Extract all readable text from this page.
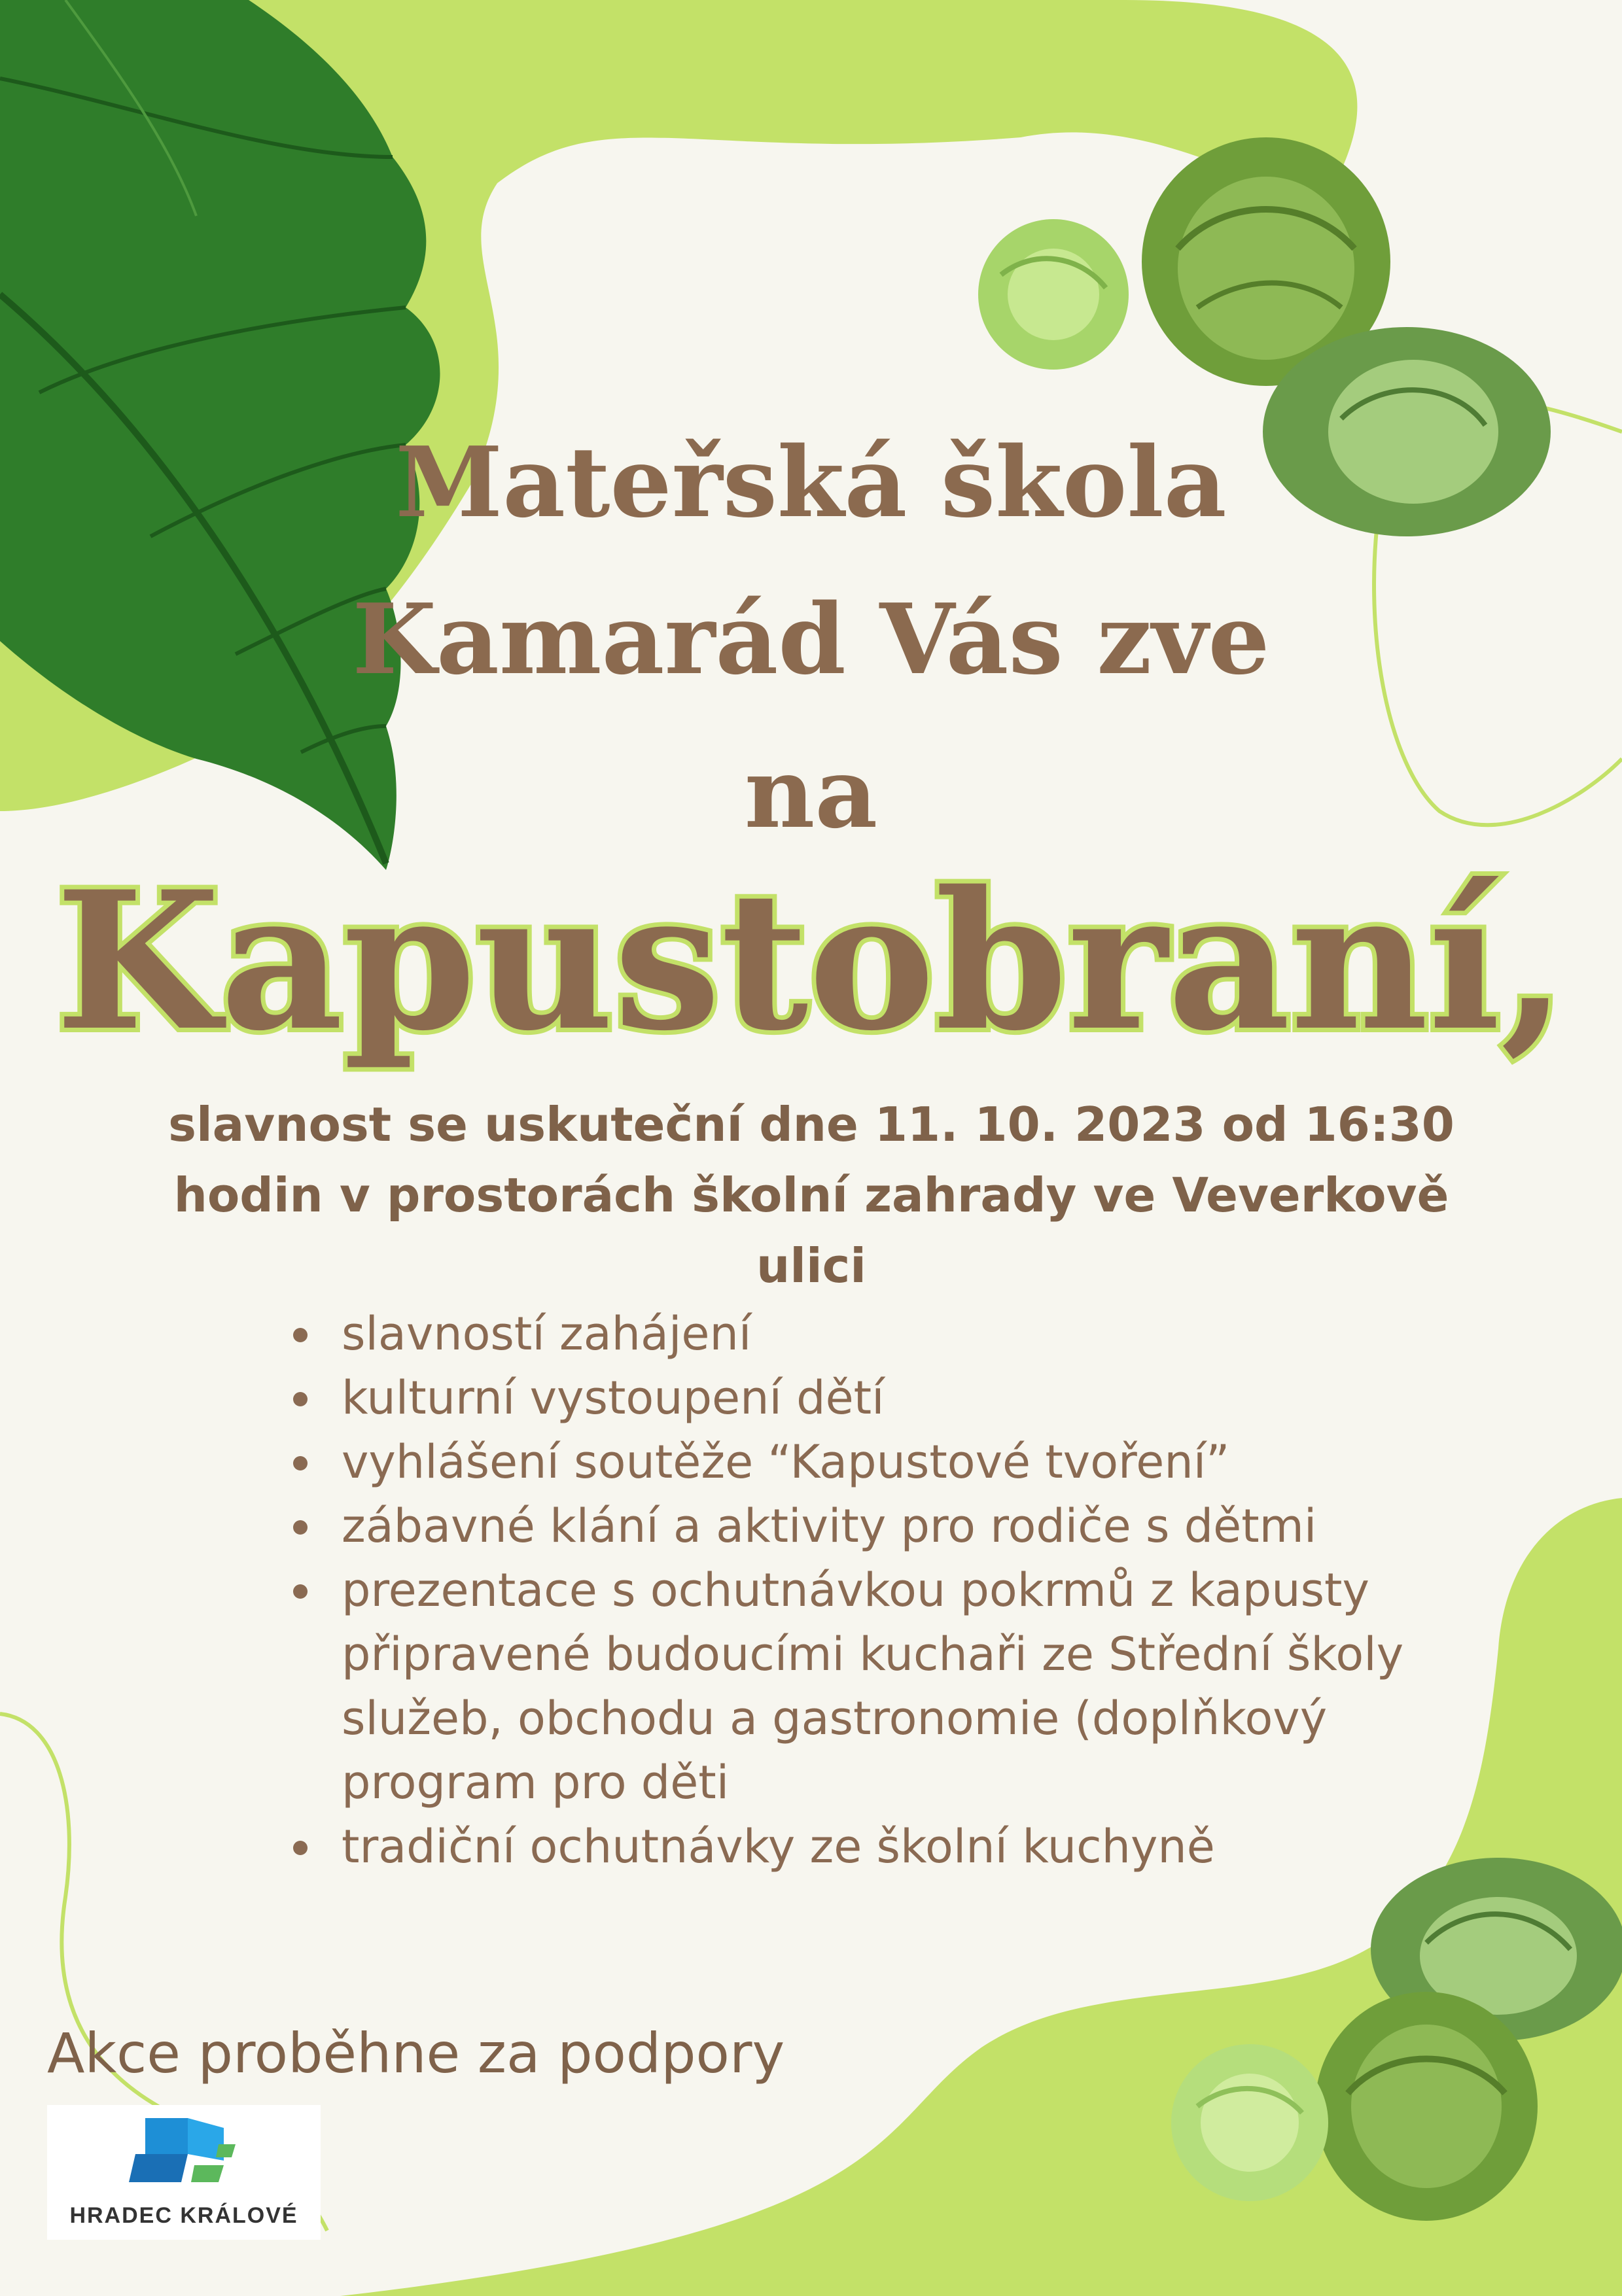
Mateřská škola
Kamarád Vás zve
na
Kapustobraní,
slavnost se uskuteční dne 11. 10. 2023 od 16:30 hodin v prostorách školní zahrady ve Veverkově ulici
slavností zahájení
kulturní vystoupení dětí
vyhlášení soutěže “Kapustové tvoření”
zábavné klání a aktivity pro rodiče s dětmi
prezentace s ochutnávkou pokrmů z kapusty připravené budoucími kuchaři ze Střední školy služeb, obchodu a gastronomie (doplňkový program pro děti
tradiční ochutnávky ze školní kuchyně
Akce proběhne za podpory
HRADEC KRÁLOVÉ
